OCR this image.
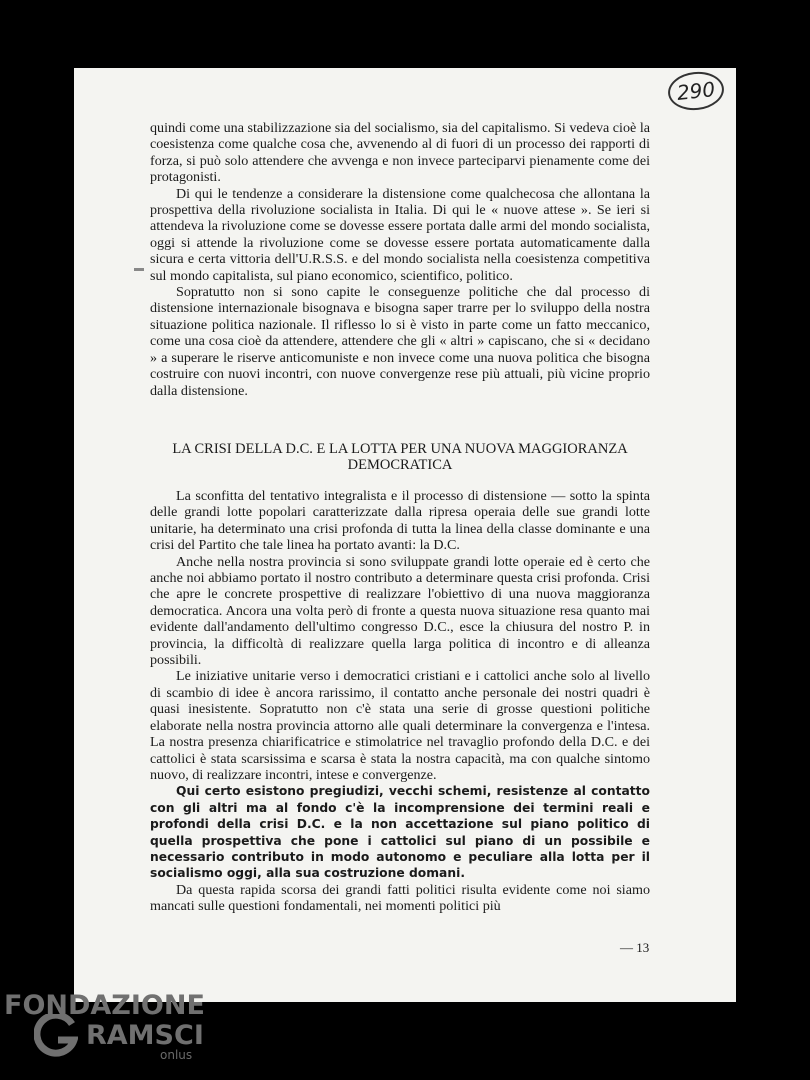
290

quindi come una stabilizzazione sia del socialismo, sia del capitalismo. Si vedeva cioè la coesistenza come qualche cosa che, avvenendo al di fuori di un processo dei rapporti di forza, si può solo attendere che avvenga e non invece parteciparvi pienamente come dei protagonisti.

Di qui le tendenze a considerare la distensione come qualchecosa che allontana la prospettiva della rivoluzione socialista in Italia. Di qui le « nuove attese ». Se ieri si attendeva la rivoluzione come se dovesse essere portata dalle armi del mondo socialista, oggi si attende la rivoluzione come se dovesse essere portata automaticamente dalla sicura e certa vittoria dell'U.R.S.S. e del mondo socialista nella coesistenza competitiva sul mondo capitalista, sul piano economico, scientifico, politico.

Sopratutto non si sono capite le conseguenze politiche che dal processo di distensione internazionale bisognava e bisogna saper trarre per lo sviluppo della nostra situazione politica nazionale. Il riflesso lo si è visto in parte come un fatto meccanico, come una cosa cioè da attendere, attendere che gli « altri » capiscano, che si « decidano » a superare le riserve anticomuniste e non invece come una nuova politica che bisogna costruire con nuovi incontri, con nuove convergenze rese più attuali, più vicine proprio dalla distensione.

LA CRISI DELLA D.C. E LA LOTTA PER UNA NUOVA MAGGIORANZA
DEMOCRATICA

La sconfitta del tentativo integralista e il processo di distensione — sotto la spinta delle grandi lotte popolari caratterizzate dalla ripresa operaia delle sue grandi lotte unitarie, ha determinato una crisi profonda di tutta la linea della classe dominante e una crisi del Partito che tale linea ha portato avanti: la D.C.

Anche nella nostra provincia si sono sviluppate grandi lotte operaie ed è certo che anche noi abbiamo portato il nostro contributo a determinare questa crisi profonda. Crisi che apre le concrete prospettive di realizzare l'obiettivo di una nuova maggioranza democratica. Ancora una volta però di fronte a questa nuova situazione resa quanto mai evidente dall'andamento dell'ultimo congresso D.C., esce la chiusura del nostro P. in provincia, la difficoltà di realizzare quella larga politica di incontro e di alleanza possibili.

Le iniziative unitarie verso i democratici cristiani e i cattolici anche solo al livello di scambio di idee è ancora rarissimo, il contatto anche personale dei nostri quadri è quasi inesistente. Sopratutto non c'è stata una serie di grosse questioni politiche elaborate nella nostra provincia attorno alle quali determinare la convergenza e l'intesa. La nostra presenza chiarificatrice e stimolatrice nel travaglio profondo della D.C. e dei cattolici è stata scarsissima e scarsa è stata la nostra capacità, ma con qualche sintomo nuovo, di realizzare incontri, intese e convergenze.

Qui certo esistono pregiudizi, vecchi schemi, resistenze al contatto con gli altri ma al fondo c'è la incomprensione dei termini reali e profondi della crisi D.C. e la non accettazione sul piano politico di quella prospettiva che pone i cattolici sul piano di un possibile e necessario contributo in modo autonomo e peculiare alla lotta per il socialismo oggi, alla sua costruzione domani.

Da questa rapida scorsa dei grandi fatti politici risulta evidente come noi siamo mancati sulle questioni fondamentali, nei momenti politici più

— 13
FONDAZIONE
RAMSCI
onlus
